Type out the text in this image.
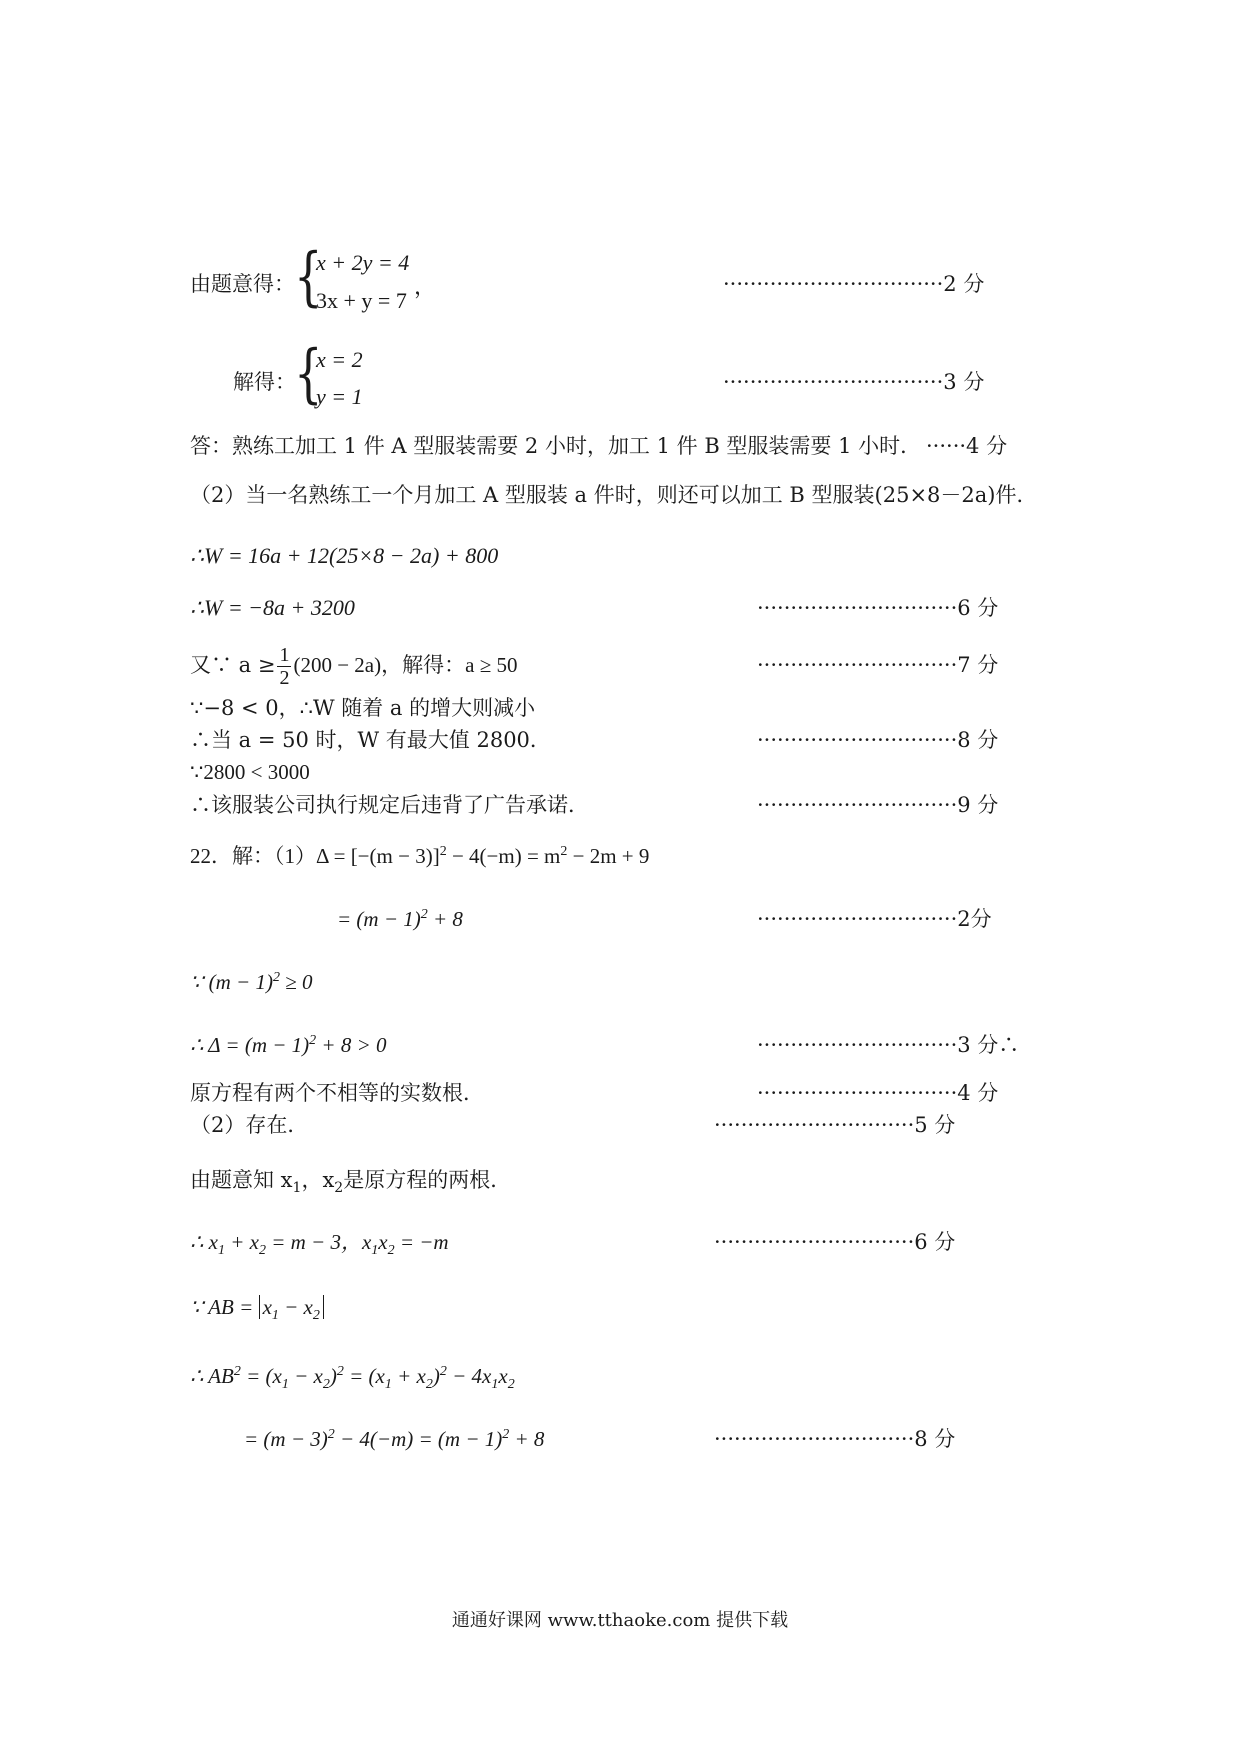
由题意得： {
x + 2y = 4
3x + y = 7
，	·································2 分
解得：
{
x = 2
y = 1
·································3 分
答：熟练工加工 1 件 A 型服装需要 2 小时，加工 1 件 B 型服装需要 1 小时． ······4 分
（2）当一名熟练工一个月加工 A 型服装 a 件时，则还可以加工 B 型服装(25×8－2a)件．
∴W = 16a + 12(25×8 − 2a) + 800
∴W = −8a + 3200	······························6 分
又∵ $a \ge \frac{1}{2} (200 - 2a)$，解得：a ≥ 50	······························7 分
∵−8 < 0，∴W 随着 a 的增大则减小
∴当 a = 50 时，W 有最大值 2800．	······························8 分
∵2800 < 3000
∴该服装公司执行规定后违背了广告承诺．	······························9 分
22．解：$(1)\Delta = [-(m - 3)]^2 - 4(-m) = m^2 - 2m + 9$
= $(m - 1)^2 + 8$	······························2分
∵ $(m - 1)^2 \ge 0$
∴ $\Delta = (m - 1)^2 + 8 > 0$	······························3 分∴
原方程有两个不相等的实数根．	······························4 分
（2）存在．	······························5 分
由题意知 $x_1$，$x_2$是原方程的两根．
∴ $x_1 + x_2 = m - 3$，$x_1x_2 = -m$	······························6 分
∵ AB = $x_1 - x_2$
∴ $AB^2 = (x_1 - x_2)^2 = (x_1 + x_2)^2 - 4x_1x_2$
= $(m - 3)^2 - 4(-m) = (m - 1)^2 + 8$	······························8 分
通通好课网 www.tthaoke.com 提供下载
